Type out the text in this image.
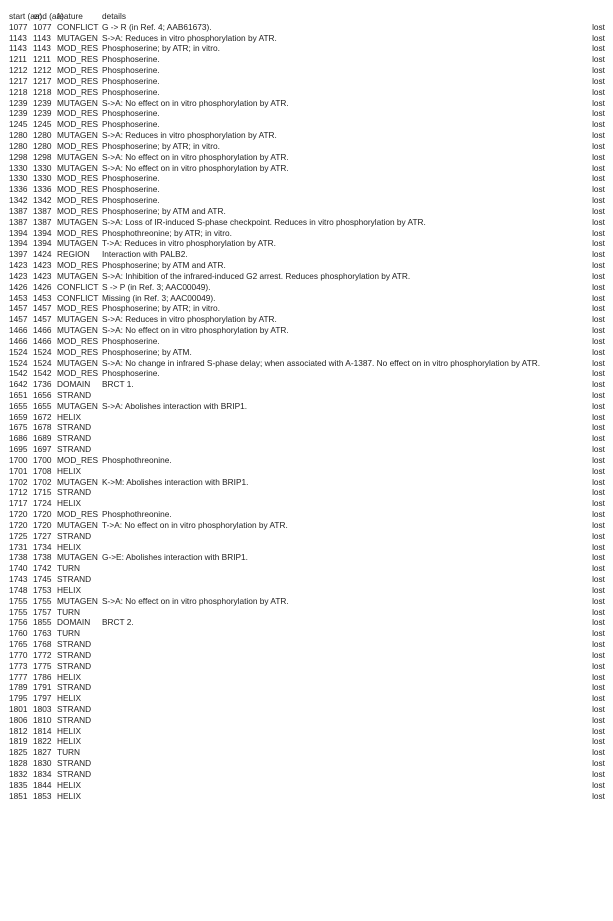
start (aa)	end (aa)	feature	details	
1077	1077	CONFLICT	G -> R (in Ref. 4; AAB61673).	lost
1143	1143	MUTAGEN	S->A: Reduces in vitro phosphorylation by ATR.	lost
1143	1143	MOD_RES	Phosphoserine; by ATR; in vitro.	lost
1211	1211	MOD_RES	Phosphoserine.	lost
1212	1212	MOD_RES	Phosphoserine.	lost
1217	1217	MOD_RES	Phosphoserine.	lost
1218	1218	MOD_RES	Phosphoserine.	lost
1239	1239	MUTAGEN	S->A: No effect on in vitro phosphorylation by ATR.	lost
1239	1239	MOD_RES	Phosphoserine.	lost
1245	1245	MOD_RES	Phosphoserine.	lost
1280	1280	MUTAGEN	S->A: Reduces in vitro phosphorylation by ATR.	lost
1280	1280	MOD_RES	Phosphoserine; by ATR; in vitro.	lost
1298	1298	MUTAGEN	S->A: No effect on in vitro phosphorylation by ATR.	lost
1330	1330	MUTAGEN	S->A: No effect on in vitro phosphorylation by ATR.	lost
1330	1330	MOD_RES	Phosphoserine.	lost
1336	1336	MOD_RES	Phosphoserine.	lost
1342	1342	MOD_RES	Phosphoserine.	lost
1387	1387	MOD_RES	Phosphoserine; by ATM and ATR.	lost
1387	1387	MUTAGEN	S->A: Loss of IR-induced S-phase checkpoint. Reduces in vitro phosphorylation by ATR.	lost
1394	1394	MOD_RES	Phosphothreonine; by ATR; in vitro.	lost
1394	1394	MUTAGEN	T->A: Reduces in vitro phosphorylation by ATR.	lost
1397	1424	REGION	Interaction with PALB2.	lost
1423	1423	MOD_RES	Phosphoserine; by ATM and ATR.	lost
1423	1423	MUTAGEN	S->A: Inhibition of the infrared-induced G2 arrest. Reduces phosphorylation by ATR.	lost
1426	1426	CONFLICT	S -> P (in Ref. 3; AAC00049).	lost
1453	1453	CONFLICT	Missing (in Ref. 3; AAC00049).	lost
1457	1457	MOD_RES	Phosphoserine; by ATR; in vitro.	lost
1457	1457	MUTAGEN	S->A: Reduces in vitro phosphorylation by ATR.	lost
1466	1466	MUTAGEN	S->A: No effect on in vitro phosphorylation by ATR.	lost
1466	1466	MOD_RES	Phosphoserine.	lost
1524	1524	MOD_RES	Phosphoserine; by ATM.	lost
1524	1524	MUTAGEN	S->A: No change in infrared S-phase delay; when associated with A-1387. No effect on in vitro phosphorylation by ATR.	lost
1542	1542	MOD_RES	Phosphoserine.	lost
1642	1736	DOMAIN	BRCT 1.	lost
1651	1656	STRAND		lost
1655	1655	MUTAGEN	S->A: Abolishes interaction with BRIP1.	lost
1659	1672	HELIX		lost
1675	1678	STRAND		lost
1686	1689	STRAND		lost
1695	1697	STRAND		lost
1700	1700	MOD_RES	Phosphothreonine.	lost
1701	1708	HELIX		lost
1702	1702	MUTAGEN	K->M: Abolishes interaction with BRIP1.	lost
1712	1715	STRAND		lost
1717	1724	HELIX		lost
1720	1720	MOD_RES	Phosphothreonine.	lost
1720	1720	MUTAGEN	T->A: No effect on in vitro phosphorylation by ATR.	lost
1725	1727	STRAND		lost
1731	1734	HELIX		lost
1738	1738	MUTAGEN	G->E: Abolishes interaction with BRIP1.	lost
1740	1742	TURN		lost
1743	1745	STRAND		lost
1748	1753	HELIX		lost
1755	1755	MUTAGEN	S->A: No effect on in vitro phosphorylation by ATR.	lost
1755	1757	TURN		lost
1756	1855	DOMAIN	BRCT 2.	lost
1760	1763	TURN		lost
1765	1768	STRAND		lost
1770	1772	STRAND		lost
1773	1775	STRAND		lost
1777	1786	HELIX		lost
1789	1791	STRAND		lost
1795	1797	HELIX		lost
1801	1803	STRAND		lost
1806	1810	STRAND		lost
1812	1814	HELIX		lost
1819	1822	HELIX		lost
1825	1827	TURN		lost
1828	1830	STRAND		lost
1832	1834	STRAND		lost
1835	1844	HELIX		lost
1851	1853	HELIX		lost
